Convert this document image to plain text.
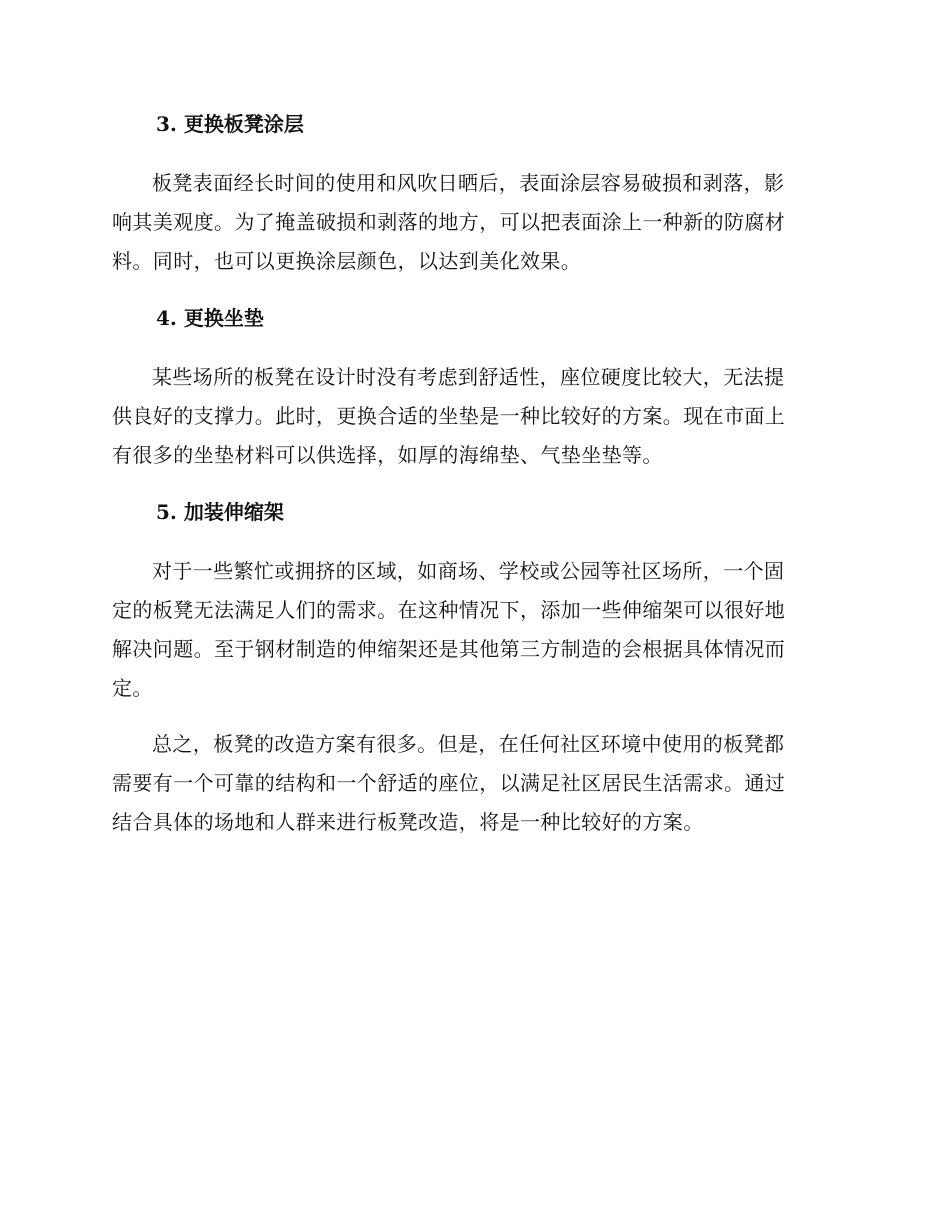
3. 更换板凳涂层
板凳表面经长时间的使用和风吹日晒后，表面涂层容易破损和剥落，影
响其美观度。为了掩盖破损和剥落的地方，可以把表面涂上一种新的防腐材
料。同时，也可以更换涂层颜色，以达到美化效果。
4. 更换坐垫
某些场所的板凳在设计时没有考虑到舒适性，座位硬度比较大，无法提
供良好的支撑力。此时，更换合适的坐垫是一种比较好的方案。现在市面上
有很多的坐垫材料可以供选择，如厚的海绵垫、气垫坐垫等。
5. 加装伸缩架
对于一些繁忙或拥挤的区域，如商场、学校或公园等社区场所，一个固
定的板凳无法满足人们的需求。在这种情况下，添加一些伸缩架可以很好地
解决问题。至于钢材制造的伸缩架还是其他第三方制造的会根据具体情况而
定。
总之，板凳的改造方案有很多。但是，在任何社区环境中使用的板凳都
需要有一个可靠的结构和一个舒适的座位，以满足社区居民生活需求。通过
结合具体的场地和人群来进行板凳改造，将是一种比较好的方案。
